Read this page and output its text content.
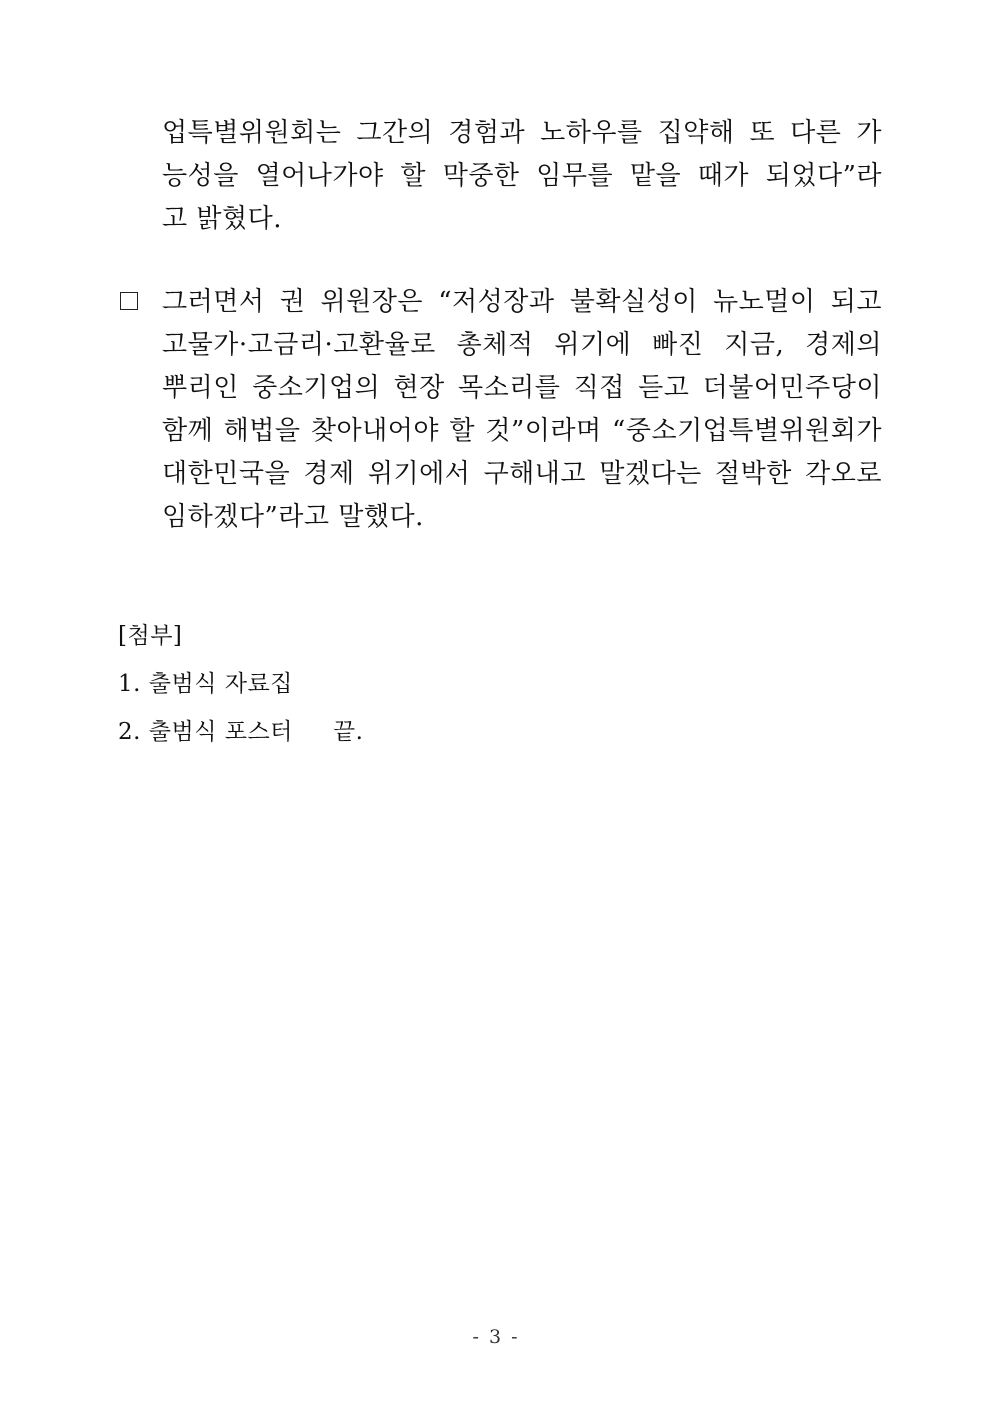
업특별위원회는 그간의 경험과 노하우를 집약해 또 다른 가
능성을 열어나가야 할 막중한 임무를 맡을 때가 되었다”라
고 밝혔다.
그러면서 권 위원장은 “저성장과 불확실성이 뉴노멀이 되고
고물가·고금리·고환율로 총체적 위기에 빠진 지금, 경제의
뿌리인 중소기업의 현장 목소리를 직접 듣고 더불어민주당이
함께 해법을 찾아내어야 할 것”이라며 “중소기업특별위원회가
대한민국을 경제 위기에서 구해내고 말겠다는 절박한 각오로
임하겠다”라고 말했다.
[첨부]
1. 출범식 자료집
2. 출범식 포스터 끝.
- 3 -
